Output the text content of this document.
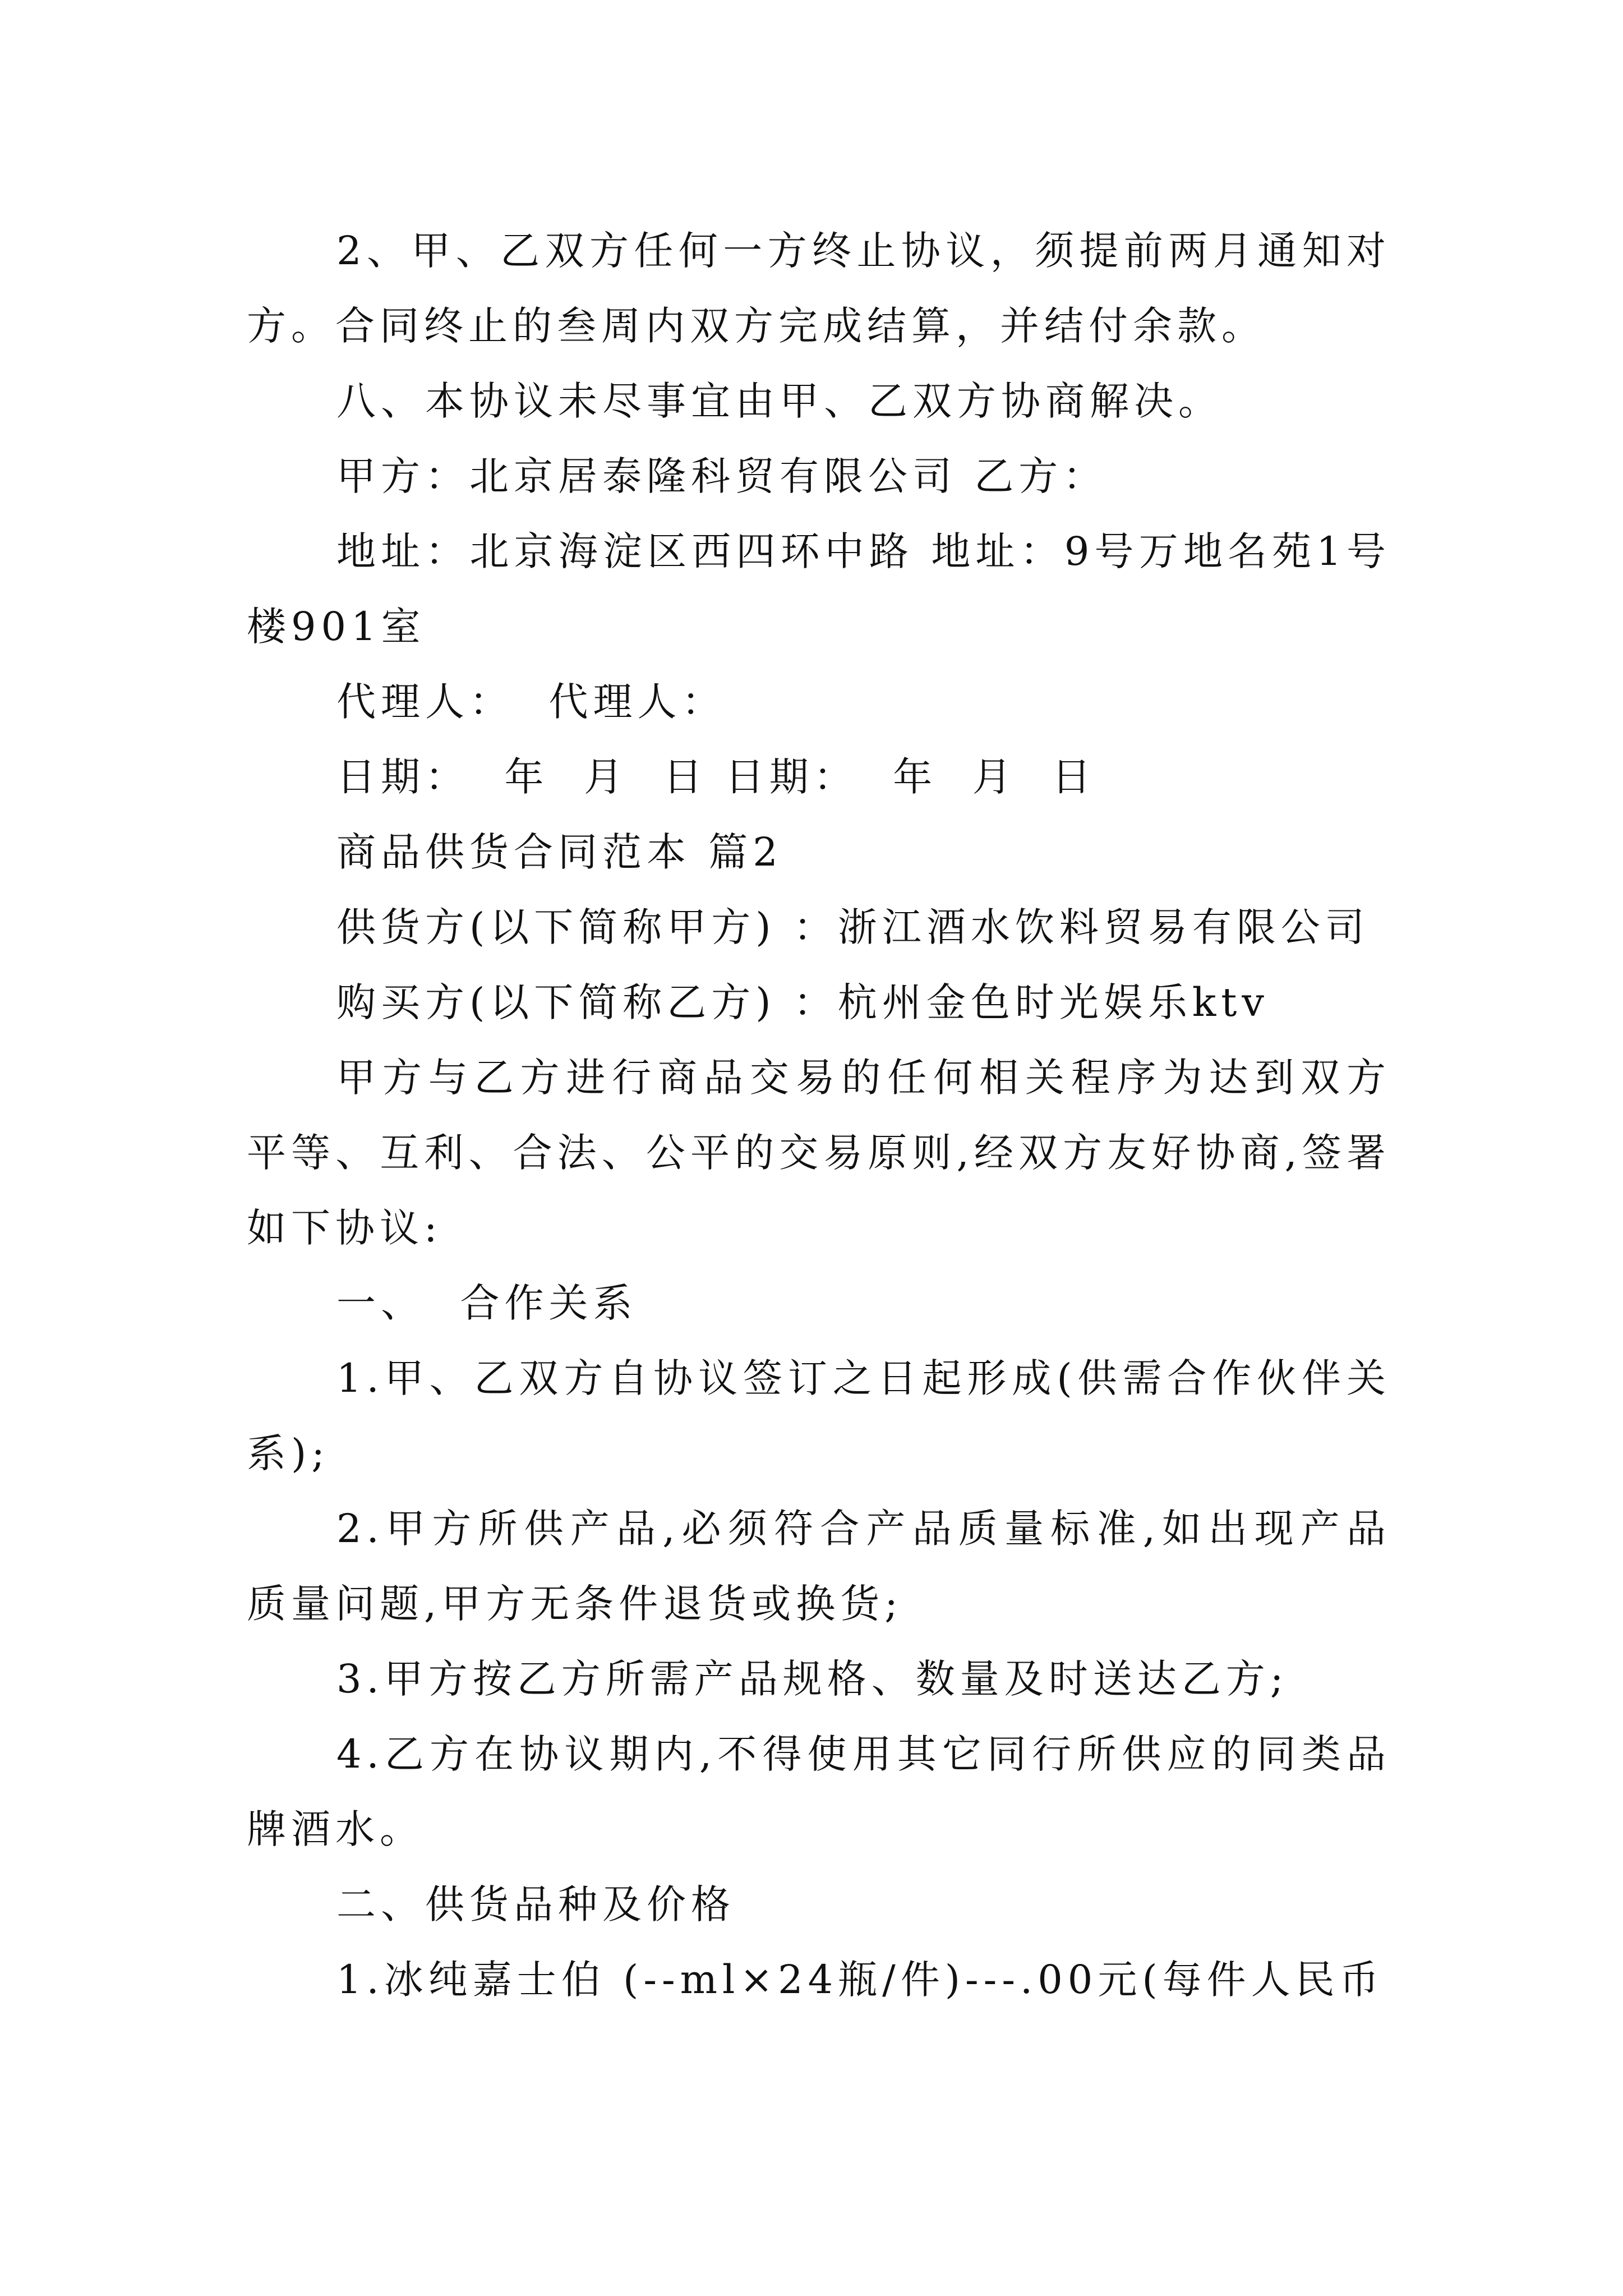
2、甲、乙双方任何一方终止协议，须提前两月通知对方。合同终止的叁周内双方完成结算，并结付余款。

八、本协议未尽事宜由甲、乙双方协商解决。

甲方：北京居泰隆科贸有限公司 乙方：

地址：北京海淀区西四环中路 地址：9号万地名苑1号楼901室

代理人：  代理人：

日期：  年  月  日 日期：  年  月  日

商品供货合同范本 篇2

供货方(以下简称甲方) ：浙江酒水饮料贸易有限公司

购买方(以下简称乙方) ：杭州金色时光娱乐ktv

甲方与乙方进行商品交易的任何相关程序为达到双方平等、互利、合法、公平的交易原则,经双方友好协商,签署如下协议:

一、  合作关系

1.甲、乙双方自协议签订之日起形成(供需合作伙伴关系);

2.甲方所供产品,必须符合产品质量标准,如出现产品质量问题,甲方无条件退货或换货;

3.甲方按乙方所需产品规格、数量及时送达乙方;

4.乙方在协议期内,不得使用其它同行所供应的同类品牌酒水。

二、供货品种及价格

1.冰纯嘉士伯 (--ml×24瓶/件)---.00元(每件人民币
